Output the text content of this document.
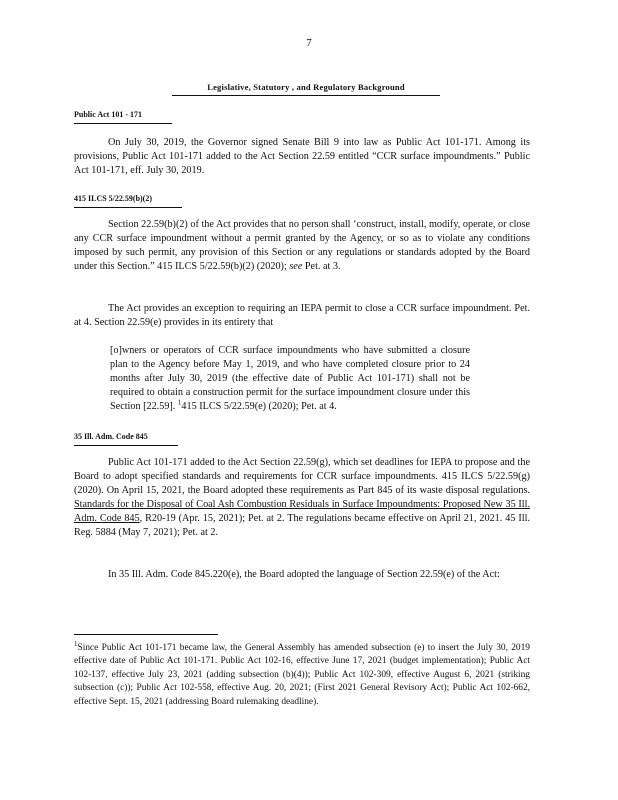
7
Legislative, Statutory , and Regulatory Background
Public Act 101 - 171

On July 30, 2019, the Governor signed Senate Bill 9 into law as Public Act 101-171. Among its provisions, Public Act 101-171 added to the Act Section 22.59 entitled “CCR surface impoundments.” Public Act 101-171, eff. July 30, 2019.

415 ILCS 5/22.59(b)(2)

Section 22.59(b)(2) of the Act provides that no person shall ‘construct, install, modify, operate, or close any CCR surface impoundment without a permit granted by the Agency, or so as to violate any conditions imposed by such permit, any provision of this Section or any regulations or standards adopted by the Board under this Section.” 415 ILCS 5/22.59(b)(2) (2020); see Pet. at 3.

The Act provides an exception to requiring an IEPA permit to close a CCR surface impoundment. Pet. at 4. Section 22.59(e) provides in its entirety that

[o]wners or operators of CCR surface impoundments who have submitted a closure plan to the Agency before May 1, 2019, and who have completed closure prior to 24 months after July 30, 2019 (the effective date of Public Act 101-171) shall not be required to obtain a construction permit for the surface impoundment closure under this Section [22.59]. $^1$415 ILCS 5/22.59(e) (2020); Pet. at 4.

35 Ill. Adm. Code 845

Public Act 101-171 added to the Act Section 22.59(g), which set deadlines for IEPA to propose and the Board to adopt specified standards and requirements for CCR surface impoundments. 415 ILCS 5/22.59(g) (2020). On April 15, 2021, the Board adopted these requirements as Part 845 of its waste disposal regulations. Standards for the Disposal of Coal Ash Combustion Residuals in Surface Impoundments: Proposed New 35 Ill. Adm. Code 845, R20-19 (Apr. 15, 2021); Pet. at 2. The regulations became effective on April 21, 2021. 45 Ill. Reg. 5884 (May 7, 2021); Pet. at 2.

In 35 Ill. Adm. Code 845.220(e), the Board adopted the language of Section 22.59(e) of the Act:

$^1$Since Public Act 101-171 became law, the General Assembly has amended subsection (e) to insert the July 30, 2019 effective date of Public Act 101-171. Public Act 102-16, effective June 17, 2021 (budget implementation); Public Act 102-137, effective July 23, 2021 (adding subsection (b)(4)); Public Act 102-309, effective August 6, 2021 (striking subsection (c)); Public Act 102-558, effective Aug. 20, 2021; (First 2021 General Revisory Act); Public Act 102-662, effective Sept. 15, 2021 (addressing Board rulemaking deadline).
